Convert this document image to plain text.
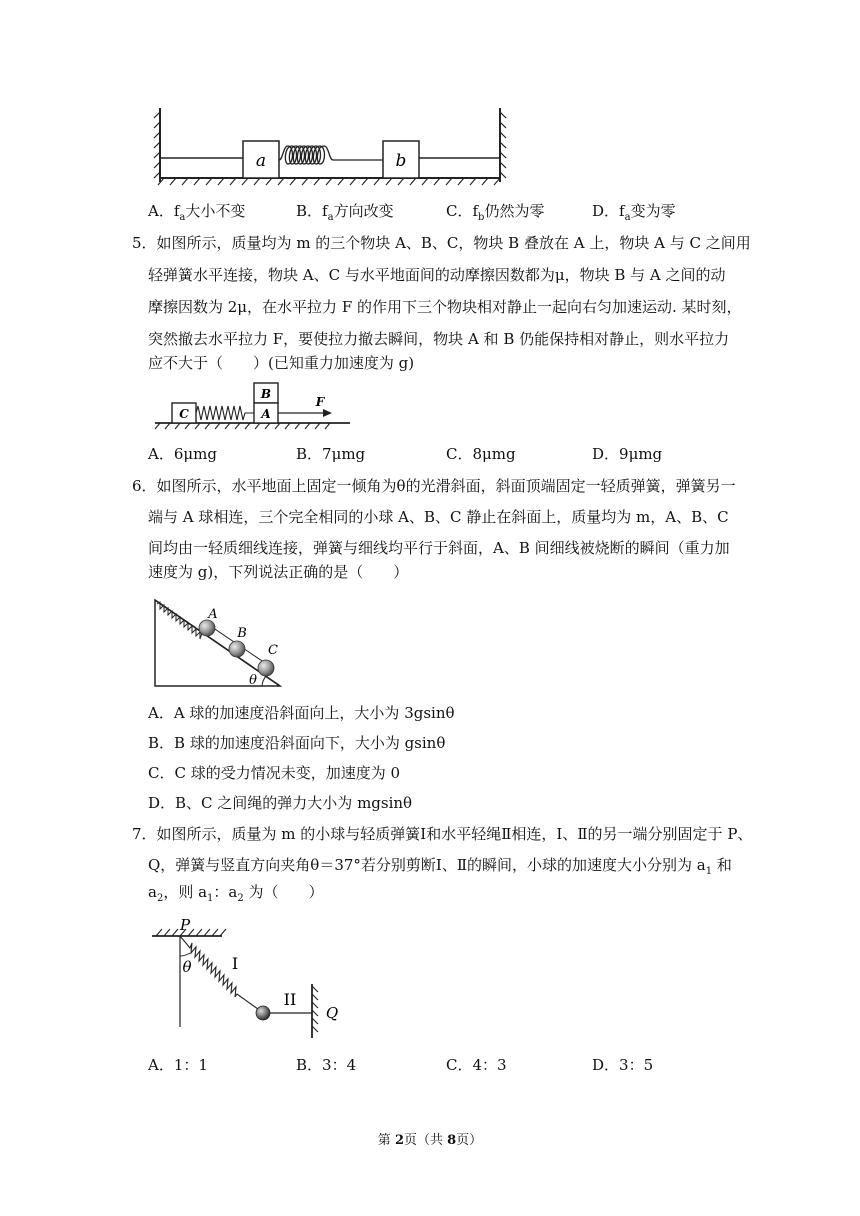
a	b
A．$f_a$大小不变	B．$f_a$方向改变	C．$f_b$仍然为零	D．$f_a$变为零
5．如图所示，质量均为 m 的三个物块 A、B、C，物块 B 叠放在 A 上，物块 A 与 C 之间用
轻弹簧水平连接，物块 A、C 与水平地面间的动摩擦因数都为μ，物块 B 与 A 之间的动
摩擦因数为 2μ，在水平拉力 F 的作用下三个物块相对静止一起向右匀加速运动. 某时刻，
突然撤去水平拉力 F，要使拉力撤去瞬间，物块 A 和 B 仍能保持相对静止，则水平拉力
应不大于（　　）(已知重力加速度为 g)
C
B
A
F
A．6μmg	B．7μmg	C．8μmg	D．9μmg
6．如图所示，水平地面上固定一倾角为θ的光滑斜面，斜面顶端固定一轻质弹簧，弹簧另一
端与 A 球相连，三个完全相同的小球 A、B、C 静止在斜面上，质量均为 m，A、B、C
间均由一轻质细线连接，弹簧与细线均平行于斜面，A、B 间细线被烧断的瞬间（重力加
速度为 g)，下列说法正确的是（　　）
A
B
C
θ
A．A 球的加速度沿斜面向上，大小为 3gsinθ
B．B 球的加速度沿斜面向下，大小为 gsinθ
C．C 球的受力情况未变，加速度为 0
D．B、C 之间绳的弹力大小为 mgsinθ
7．如图所示，质量为 m 的小球与轻质弹簧Ⅰ和水平轻绳Ⅱ相连，Ⅰ、Ⅱ的另一端分别固定于 P、
Q，弹簧与竖直方向夹角θ＝37°若分别剪断Ⅰ、Ⅱ的瞬间，小球的加速度大小分别为 $a_1$ 和
$a_2$，则 $a_1$：$a_2$ 为（　　）
P
θ	I
II
Q
A．1：1	B．3：4	C．4：3	D．3：5
第 2页（共 8页）
